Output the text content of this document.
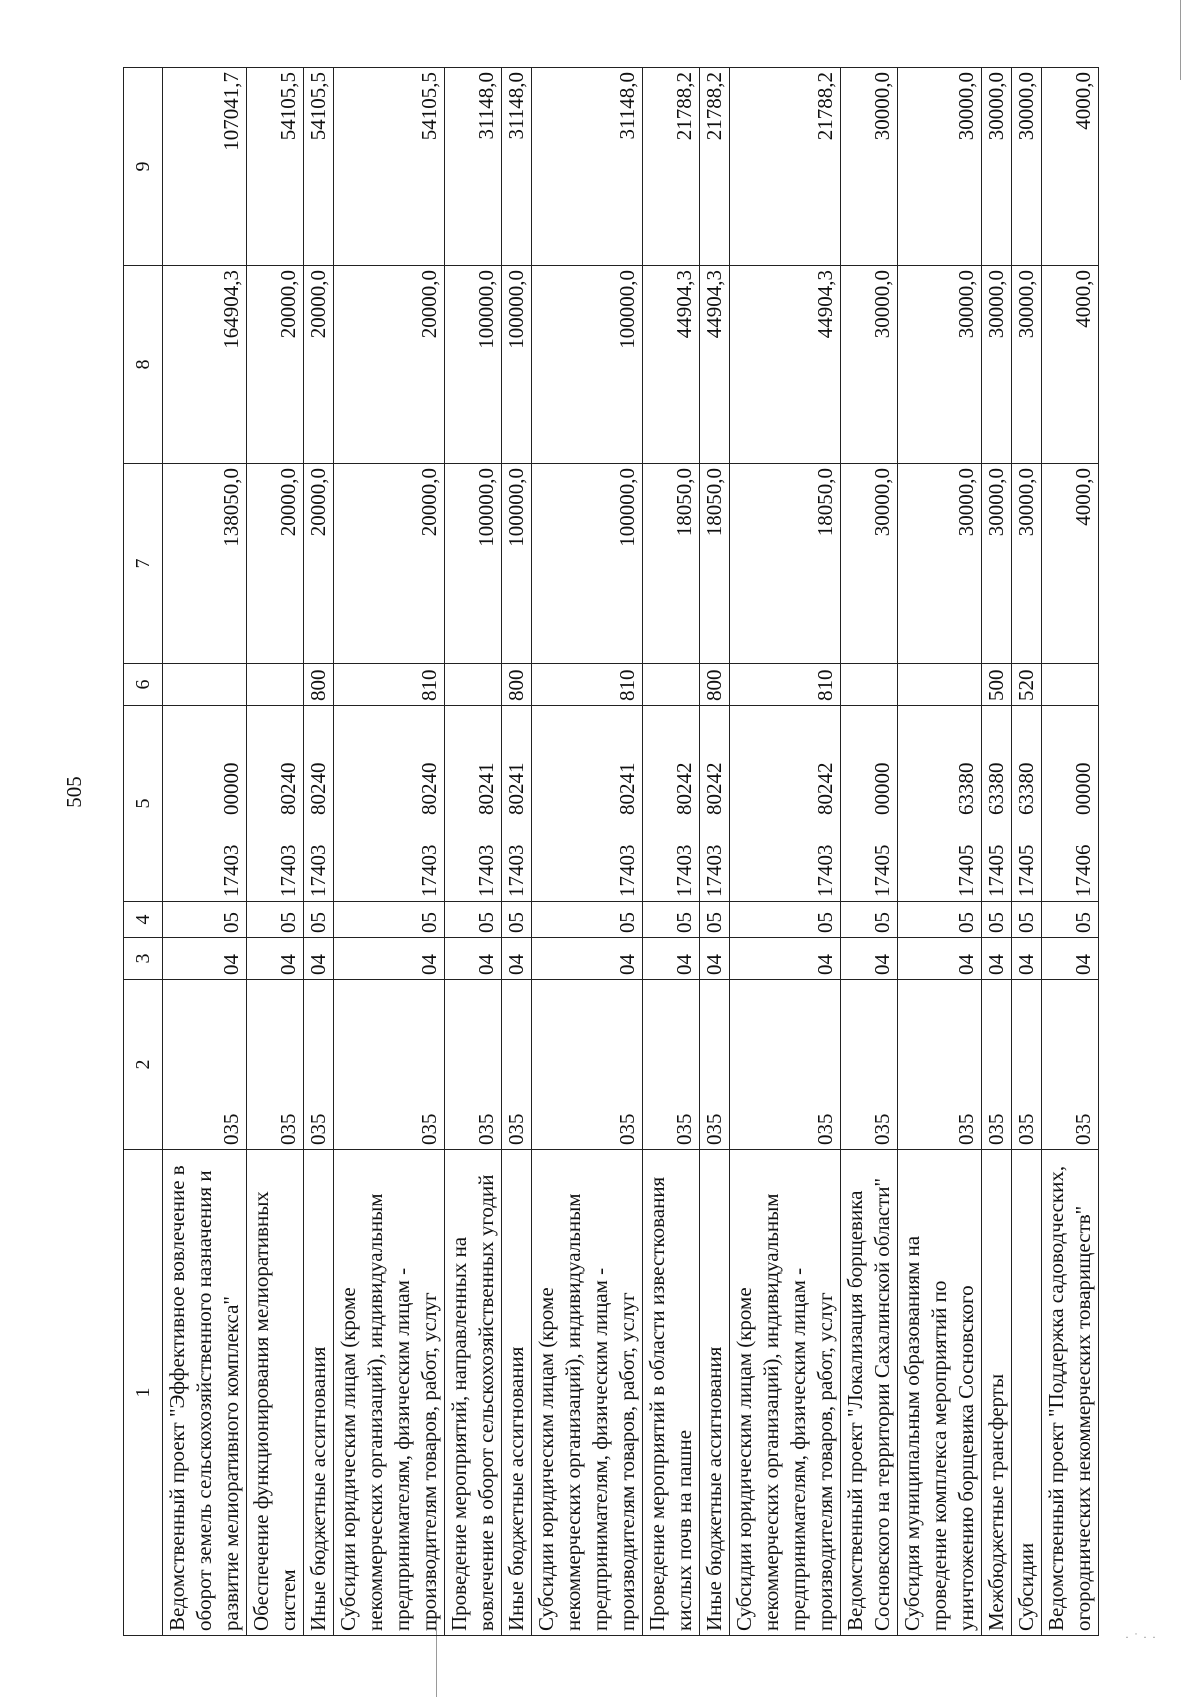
505
· ˙ · ·
1	2	3	4	5	6	7	8	9
Ведомственный проект "Эффективное вовлечение в оборот земель сельскохозяйственного назначения и развитие мелиоративного комплекса"	035	04	05	1740300000		138050,0	164904,3	107041,7
Обеспечение функционирования мелиоративных систем	035	04	05	1740380240		20000,0	20000,0	54105,5
Иные бюджетные ассигнования	035	04	05	1740380240	800	20000,0	20000,0	54105,5
Субсидии юридическим лицам (кроме некоммерческих организаций), индивидуальным предпринимателям, физическим лицам - производителям товаров, работ, услуг	035	04	05	1740380240	810	20000,0	20000,0	54105,5
Проведение мероприятий, направленных на вовлечение в оборот сельскохозяйственных угодий	035	04	05	1740380241		100000,0	100000,0	31148,0
Иные бюджетные ассигнования	035	04	05	1740380241	800	100000,0	100000,0	31148,0
Субсидии юридическим лицам (кроме некоммерческих организаций), индивидуальным предпринимателям, физическим лицам - производителям товаров, работ, услуг	035	04	05	1740380241	810	100000,0	100000,0	31148,0
Проведение мероприятий в области известкования кислых почв на пашне	035	04	05	1740380242		18050,0	44904,3	21788,2
Иные бюджетные ассигнования	035	04	05	1740380242	800	18050,0	44904,3	21788,2
Субсидии юридическим лицам (кроме некоммерческих организаций), индивидуальным предпринимателям, физическим лицам - производителям товаров, работ, услуг	035	04	05	1740380242	810	18050,0	44904,3	21788,2
Ведомственный проект "Локализация борщевика Сосновского на территории Сахалинской области"	035	04	05	1740500000		30000,0	30000,0	30000,0
Субсидия муниципальным образованиям на проведение комплекса мероприятий по уничтожению борщевика Сосновского	035	04	05	1740563380		30000,0	30000,0	30000,0
Межбюджетные трансферты	035	04	05	1740563380	500	30000,0	30000,0	30000,0
Субсидии	035	04	05	1740563380	520	30000,0	30000,0	30000,0
Ведомственный проект "Поддержка садоводческих, огороднических некоммерческих товариществ"	035	04	05	1740600000		4000,0	4000,0	4000,0
